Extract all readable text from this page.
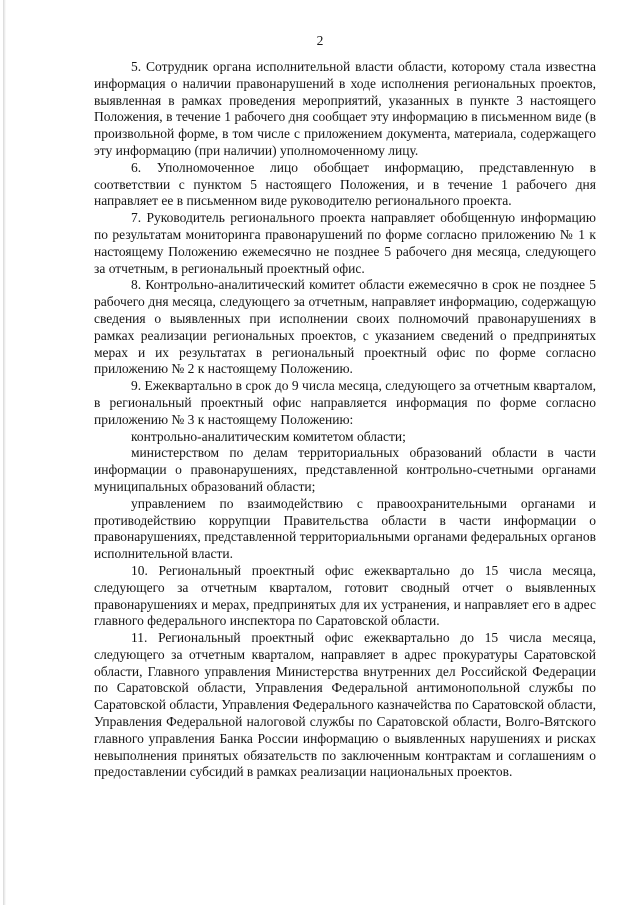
2

5. Сотрудник органа исполнительной власти области, которому стала известна информация о наличии правонарушений в ходе исполнения региональных проектов, выявленная в рамках проведения мероприятий, указанных в пункте 3 настоящего Положения, в течение 1 рабочего дня сообщает эту информацию в письменном виде (в произвольной форме, в том числе с приложением документа, материала, содержащего эту информацию (при наличии) уполномоченному лицу.

6. Уполномоченное лицо обобщает информацию, представленную в соответствии с пунктом 5 настоящего Положения, и в течение 1 рабочего дня направляет ее в письменном виде руководителю регионального проекта.

7. Руководитель регионального проекта направляет обобщенную информацию по результатам мониторинга правонарушений по форме согласно приложению № 1 к настоящему Положению ежемесячно не позднее 5 рабочего дня месяца, следующего за отчетным, в региональный проектный офис.

8. Контрольно-аналитический комитет области ежемесячно в срок не позднее 5 рабочего дня месяца, следующего за отчетным, направляет информацию, содержащую сведения о выявленных при исполнении своих полномочий правонарушениях в рамках реализации региональных проектов, с указанием сведений о предпринятых мерах и их результатах в региональный проектный офис по форме согласно приложению № 2 к настоящему Положению.

9. Ежеквартально в срок до 9 числа месяца, следующего за отчетным кварталом, в региональный проектный офис направляется информация по форме согласно приложению № 3 к настоящему Положению:

контрольно-аналитическим комитетом области;

министерством по делам территориальных образований области в части информации о правонарушениях, представленной контрольно-счетными органами муниципальных образований области;

управлением по взаимодействию с правоохранительными органами и противодействию коррупции Правительства области в части информации о правонарушениях, представленной территориальными органами федеральных органов исполнительной власти.

10. Региональный проектный офис ежеквартально до 15 числа месяца, следующего за отчетным кварталом, готовит сводный отчет о выявленных правонарушениях и мерах, предпринятых для их устранения, и направляет его в адрес главного федерального инспектора по Саратовской области.

11. Региональный проектный офис ежеквартально до 15 числа месяца, следующего за отчетным кварталом, направляет в адрес прокуратуры Саратовской области, Главного управления Министерства внутренних дел Российской Федерации по Саратовской области, Управления Федеральной антимонопольной службы по Саратовской области, Управления Федерального казначейства по Саратовской области, Управления Федеральной налоговой службы по Саратовской области, Волго-Вятского главного управления Банка России информацию о выявленных нарушениях и рисках невыполнения принятых обязательств по заключенным контрактам и соглашениям о предоставлении субсидий в рамках реализации национальных проектов.
